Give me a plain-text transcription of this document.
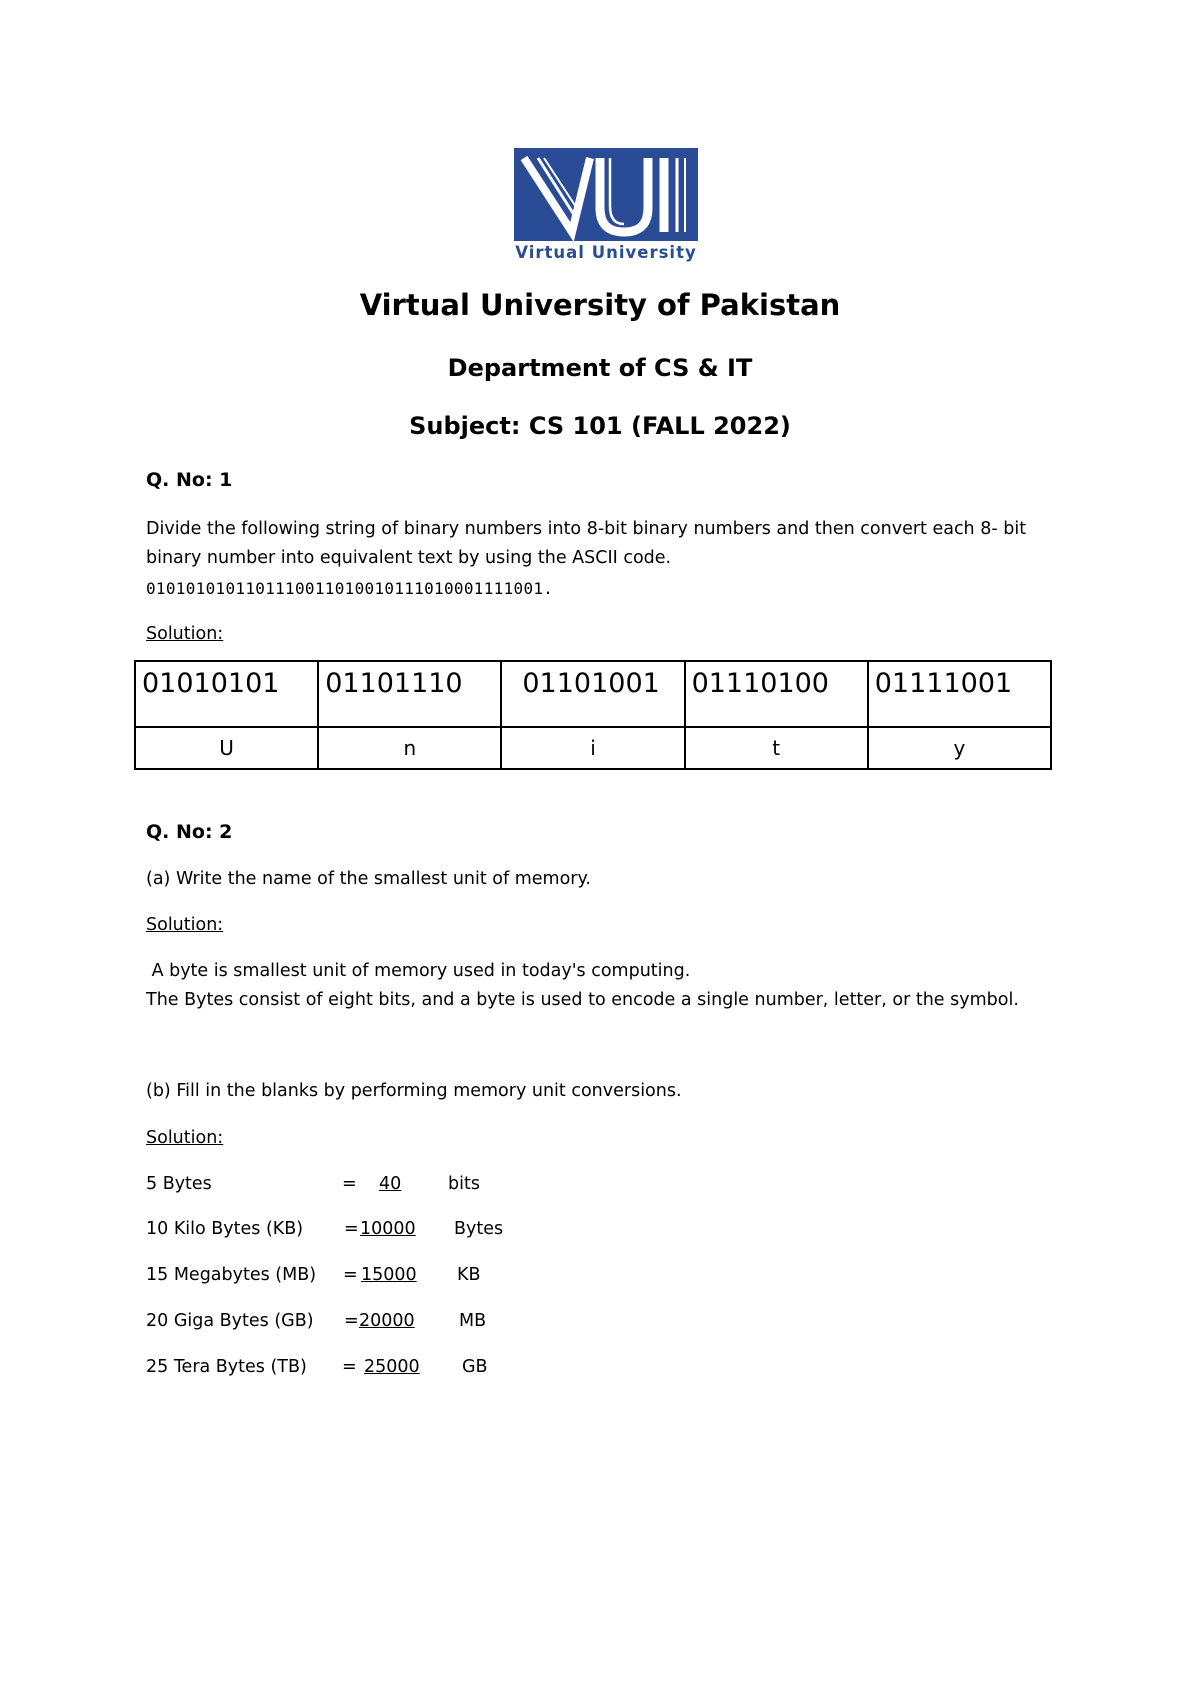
Virtual University
Virtual University of Pakistan
Department of CS & IT
Subject: CS 101 (FALL 2022)
Q. No: 1
Divide the following string of binary numbers into 8-bit binary numbers and then convert each 8- bit
binary number into equivalent text by using the ASCII code.
0101010101101110011010010111010001111001.
Solution:
01010101	01101110	01101001	01110100	01111001
U	n	i	t	y
Q. No: 2
(a) Write the name of the smallest unit of memory.
Solution:
A byte is smallest unit of memory used in today's computing.
The Bytes consist of eight bits, and a byte is used to encode a single number, letter, or the symbol.
(b) Fill in the blanks by performing memory unit conversions.
Solution:
5 Bytes	= 40	bits
10 Kilo Bytes (KB) = 10000 Bytes
15 Megabytes (MB) = 15000 KB
20 Giga Bytes (GB) = 20000	MB
25 Tera Bytes (TB) = 25000 GB
